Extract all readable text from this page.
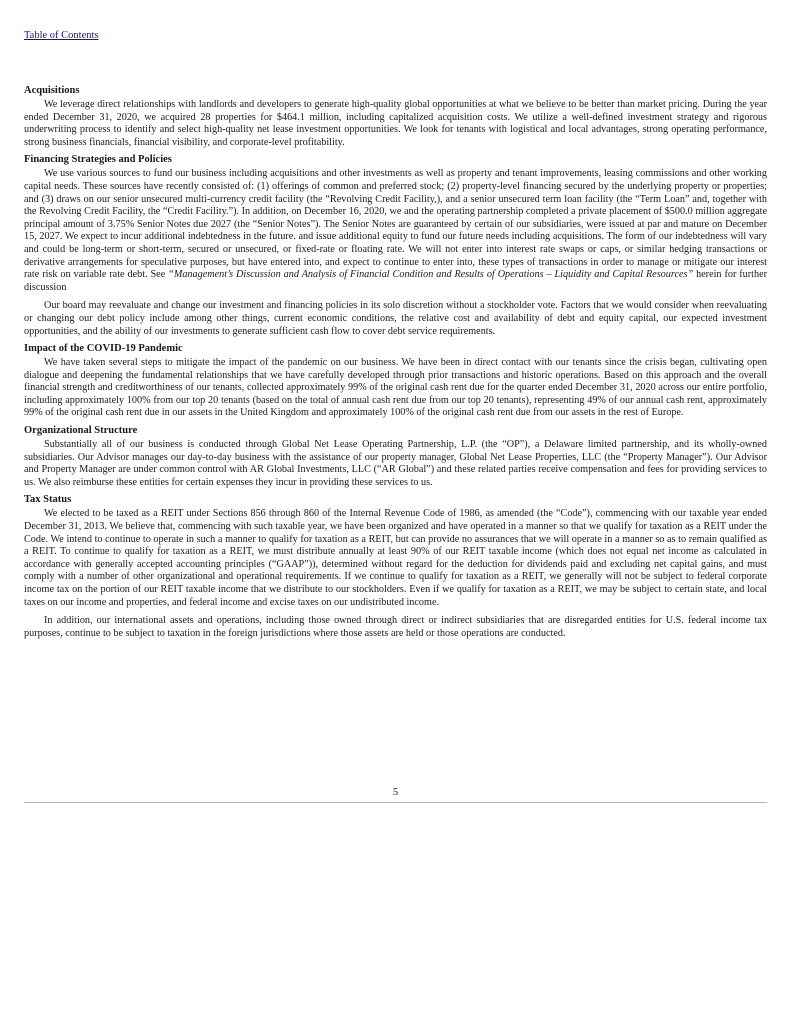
Table of Contents
Acquisitions

We leverage direct relationships with landlords and developers to generate high-quality global opportunities at what we believe to be better than market pricing. During the year ended December 31, 2020, we acquired 28 properties for $464.1 million, including capitalized acquisition costs. We utilize a well-defined investment strategy and rigorous underwriting process to identify and select high-quality net lease investment opportunities. We look for tenants with logistical and local advantages, strong operating performance, strong business financials, financial visibility, and corporate-level profitability.

Financing Strategies and Policies

We use various sources to fund our business including acquisitions and other investments as well as property and tenant improvements, leasing commissions and other working capital needs. These sources have recently consisted of: (1) offerings of common and preferred stock; (2) property-level financing secured by the underlying property or properties; and (3) draws on our senior unsecured multi-currency credit facility (the “Revolving Credit Facility,), and a senior unsecured term loan facility (the “Term Loan” and, together with the Revolving Credit Facility, the “Credit Facility.”). In addition, on December 16, 2020, we and the operating partnership completed a private placement of $500.0 million aggregate principal amount of 3.75% Senior Notes due 2027 (the “Senior Notes”). The Senior Notes are guaranteed by certain of our subsidiaries, were issued at par and mature on December 15, 2027. We expect to incur additional indebtedness in the future. and issue additional equity to fund our future needs including acquisitions. The form of our indebtedness will vary and could be long-term or short-term, secured or unsecured, or fixed-rate or floating rate. We will not enter into interest rate swaps or caps, or similar hedging transactions or derivative arrangements for speculative purposes, but have entered into, and expect to continue to enter into, these types of transactions in order to manage or mitigate our interest rate risk on variable rate debt. See “Management’s Discussion and Analysis of Financial Condition and Results of Operations – Liquidity and Capital Resources” herein for further discussion

Our board may reevaluate and change our investment and financing policies in its solo discretion without a stockholder vote. Factors that we would consider when reevaluating or changing our debt policy include among other things, current economic conditions, the relative cost and availability of debt and equity capital, our expected investment opportunities, and the ability of our investments to generate sufficient cash flow to cover debt service requirements.

Impact of the COVID-19 Pandemic

We have taken several steps to mitigate the impact of the pandemic on our business. We have been in direct contact with our tenants since the crisis began, cultivating open dialogue and deepening the fundamental relationships that we have carefully developed through prior transactions and historic operations. Based on this approach and the overall financial strength and creditworthiness of our tenants, collected approximately 99% of the original cash rent due for the quarter ended December 31, 2020 across our entire portfolio, including approximately 100% from our top 20 tenants (based on the total of annual cash rent due from our top 20 tenants), representing 49% of our annual cash rent, approximately 99% of the original cash rent due in our assets in the United Kingdom and approximately 100% of the original cash rent due from our assets in the rest of Europe.

Organizational Structure

Substantially all of our business is conducted through Global Net Lease Operating Partnership, L.P. (the “OP”), a Delaware limited partnership, and its wholly-owned subsidiaries. Our Advisor manages our day-to-day business with the assistance of our property manager, Global Net Lease Properties, LLC (the “Property Manager”). Our Advisor and Property Manager are under common control with AR Global Investments, LLC (“AR Global”) and these related parties receive compensation and fees for providing services to us. We also reimburse these entities for certain expenses they incur in providing these services to us.

Tax Status

We elected to be taxed as a REIT under Sections 856 through 860 of the Internal Revenue Code of 1986, as amended (the “Code”), commencing with our taxable year ended December 31, 2013. We believe that, commencing with such taxable year, we have been organized and have operated in a manner so that we qualify for taxation as a REIT under the Code. We intend to continue to operate in such a manner to qualify for taxation as a REIT, but can provide no assurances that we will operate in a manner so as to remain qualified as a REIT. To continue to qualify for taxation as a REIT, we must distribute annually at least 90% of our REIT taxable income (which does not equal net income as calculated in accordance with generally accepted accounting principles (“GAAP”)), determined without regard for the deduction for dividends paid and excluding net capital gains, and must comply with a number of other organizational and operational requirements. If we continue to qualify for taxation as a REIT, we generally will not be subject to federal corporate income tax on the portion of our REIT taxable income that we distribute to our stockholders. Even if we qualify for taxation as a REIT, we may be subject to certain state, and local taxes on our income and properties, and federal income and excise taxes on our undistributed income.

In addition, our international assets and operations, including those owned through direct or indirect subsidiaries that are disregarded entities for U.S. federal income tax purposes, continue to be subject to taxation in the foreign jurisdictions where those assets are held or those operations are conducted.

5
